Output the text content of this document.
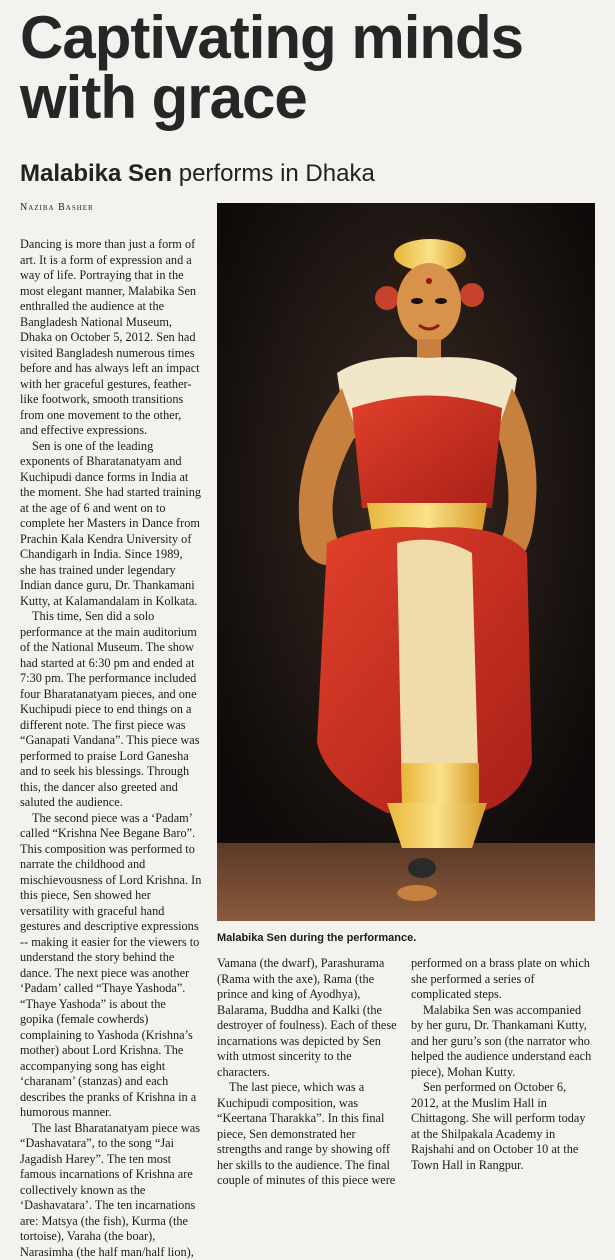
Captivating minds
with grace
Malabika Sen performs in Dhaka
Naziba Basher

Dancing is more than just a form of art. It is a form of expression and a way of life. Portraying that in the most elegant manner, Malabika Sen enthralled the audience at the Bangladesh National Museum, Dhaka on October 5, 2012. Sen had visited Bangladesh numerous times before and has always left an impact with her graceful gestures, feather-like footwork, smooth transitions from one movement to the other, and effective expressions.

Sen is one of the leading exponents of Bharatanatyam and Kuchipudi dance forms in India at the moment. She had started training at the age of 6 and went on to complete her Masters in Dance from Prachin Kala Kendra University of Chandigarh in India. Since 1989, she has trained under legendary Indian dance guru, Dr. Thankamani Kutty, at Kalamandalam in Kolkata.

This time, Sen did a solo performance at the main auditorium of the National Museum. The show had started at 6:30 pm and ended at 7:30 pm. The performance included four Bharatanatyam pieces, and one Kuchipudi piece to end things on a different note. The first piece was “Ganapati Vandana”. This piece was performed to praise Lord Ganesha and to seek his blessings. Through this, the dancer also greeted and saluted the audience.

The second piece was a ‘Padam’ called “Krishna Nee Begane Baro”. This composition was performed to narrate the childhood and mischievousness of Lord Krishna. In this piece, Sen showed her versatility with graceful hand gestures and descriptive expressions -- making it easier for the viewers to understand the story behind the dance. The next piece was another ‘Padam’ called “Thaye Yashoda”. “Thaye Yashoda” is about the gopika (female cowherds) complaining to Yashoda (Krishna’s mother) about Lord Krishna. The accompanying song has eight ‘charanam’ (stanzas) and each describes the pranks of Krishna in a humorous manner.

The last Bharatanatyam piece was “Dashavatara”, to the song “Jai Jagadish Harey”. The ten most famous incarnations of Krishna are collectively known as the ‘Dashavatara’. The ten incarnations are: Matsya (the fish), Kurma (the tortoise), Varaha (the boar), Narasimha (the half man/half lion),

Malabika Sen during the performance.

Vamana (the dwarf), Parashurama (Rama with the axe), Rama (the prince and king of Ayodhya), Balarama, Buddha and Kalki (the destroyer of foulness). Each of these incarnations was depicted by Sen with utmost sincerity to the characters.

The last piece, which was a Kuchipudi composition, was “Keertana Tharakka”. In this final piece, Sen demonstrated her strengths and range by showing off her skills to the audience. The final couple of minutes of this piece were

performed on a brass plate on which she performed a series of complicated steps.

Malabika Sen was accompanied by her guru, Dr. Thankamani Kutty, and her guru’s son (the narrator who helped the audience understand each piece), Mohan Kutty.

Sen performed on October 6, 2012, at the Muslim Hall in Chittagong. She will perform today at the Shilpakala Academy in Rajshahi and on October 10 at the Town Hall in Rangpur.
